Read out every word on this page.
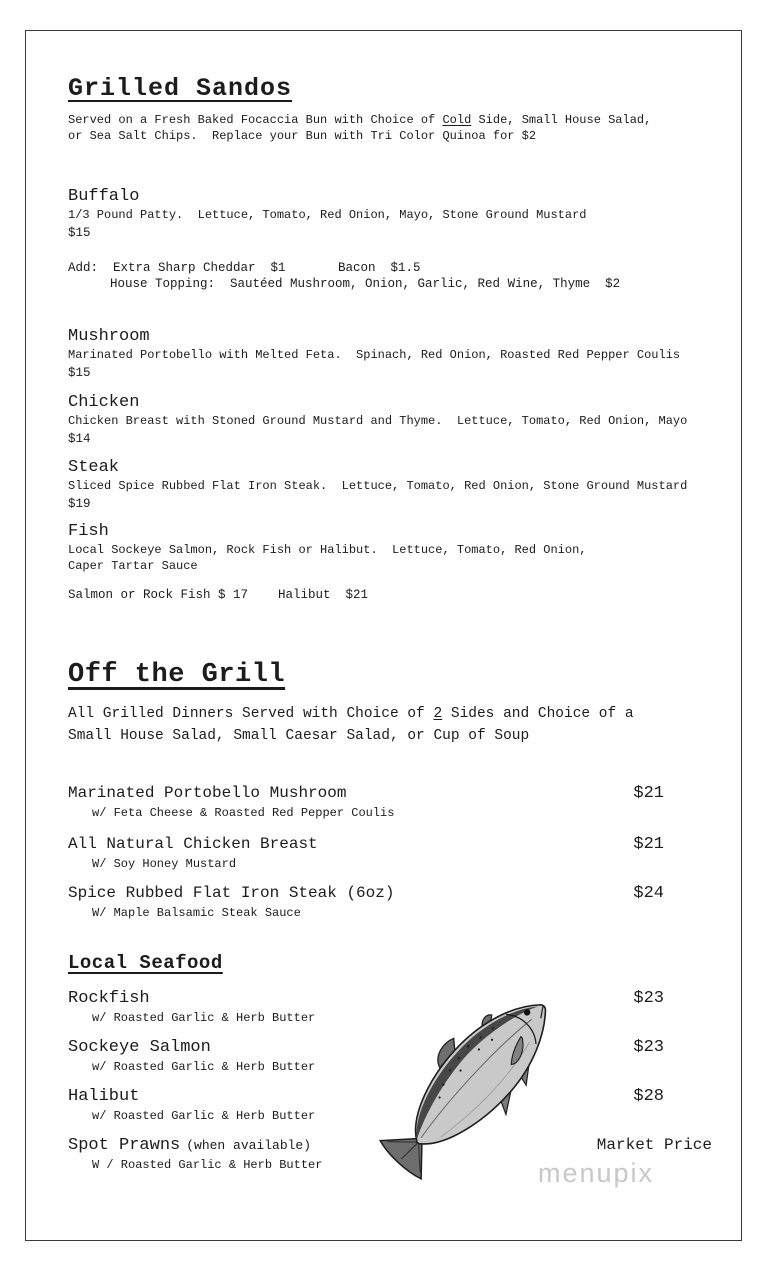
Grilled Sandos

Served on a Fresh Baked Focaccia Bun with Choice of Cold Side, Small House Salad,
or Sea Salt Chips.  Replace your Bun with Tri Color Quinoa for $2

Buffalo
1/3 Pound Patty.  Lettuce, Tomato, Red Onion, Mayo, Stone Ground Mustard
$15
Add:  Extra Sharp Cheddar  $1       Bacon  $1.5
House Topping:  Sautéed Mushroom, Onion, Garlic, Red Wine, Thyme  $2
Mushroom
Marinated Portobello with Melted Feta.  Spinach, Red Onion, Roasted Red Pepper Coulis
$15
Chicken
Chicken Breast with Stoned Ground Mustard and Thyme.  Lettuce, Tomato, Red Onion, Mayo
$14
Steak
Sliced Spice Rubbed Flat Iron Steak.  Lettuce, Tomato, Red Onion, Stone Ground Mustard
$19
Fish
Local Sockeye Salmon, Rock Fish or Halibut.  Lettuce, Tomato, Red Onion,
Caper Tartar Sauce
Salmon or Rock Fish $ 17    Halibut  $21
Off the Grill

All Grilled Dinners Served with Choice of 2 Sides and Choice of a
Small House Salad, Small Caesar Salad, or Cup of Soup

Marinated Portobello Mushroom	$21
w/ Feta Cheese & Roasted Red Pepper Coulis
All Natural Chicken Breast	$21
W/ Soy Honey Mustard
Spice Rubbed Flat Iron Steak (6oz)	$24
W/ Maple Balsamic Steak Sauce
Local Seafood
Rockfish	$23
w/ Roasted Garlic & Herb Butter
Sockeye Salmon	$23
w/ Roasted Garlic & Herb Butter
Halibut	$28
w/ Roasted Garlic & Herb Butter
Spot Prawns (when available)	Market Price
W / Roasted Garlic & Herb Butter	menupix
